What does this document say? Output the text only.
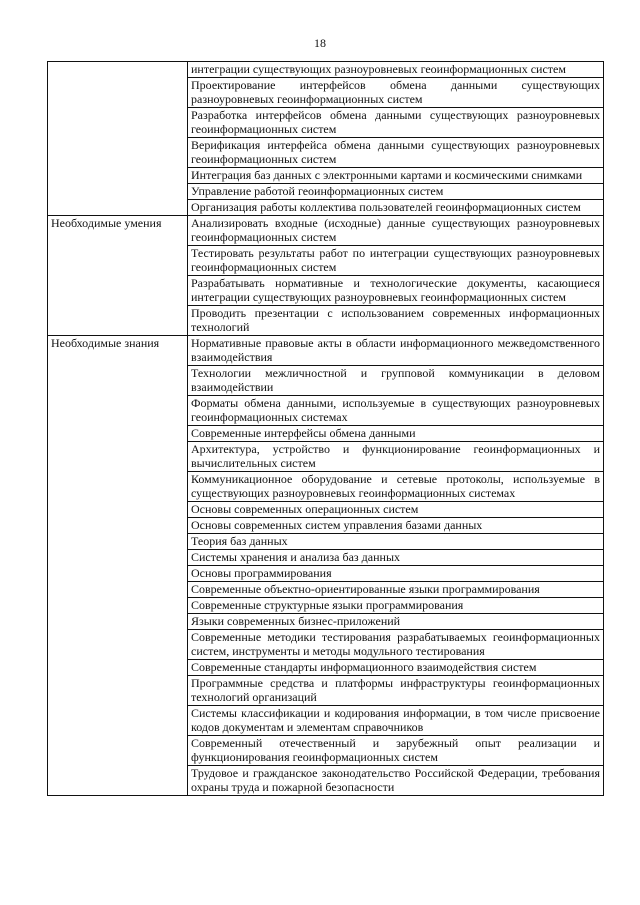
18

	интеграции существующих разноуровневых геоинформационных систем

	Проектирование интерфейсов обмена данными существующих разноуровневых геоинформационных систем

	Разработка интерфейсов обмена данными существующих разноуровневых геоинформационных систем

	Верификация интерфейса обмена данными существующих разноуровневых геоинформационных систем

	Интеграция баз данных с электронными картами и космическими снимками

	Управление работой геоинформационных систем

	Организация работы коллектива пользователей геоинформационных систем

Необходимые умения	Анализировать входные (исходные) данные существующих разноуровневых геоинформационных систем

	Тестировать результаты работ по интеграции существующих разноуровневых геоинформационных систем

	Разрабатывать нормативные и технологические документы, касающиеся интеграции существующих разноуровневых геоинформационных систем

	Проводить презентации с использованием современных информационных технологий

Необходимые знания	Нормативные правовые акты в области информационного межведомственного взаимодействия

	Технологии межличностной и групповой коммуникации в деловом взаимодействии

	Форматы обмена данными, используемые в существующих разноуровневых геоинформационных системах

	Современные интерфейсы обмена данными

	Архитектура, устройство и функционирование геоинформационных и вычислительных систем

	Коммуникационное оборудование и сетевые протоколы, используемые в существующих разноуровневых геоинформационных системах

	Основы современных операционных систем

	Основы современных систем управления базами данных

	Теория баз данных

	Системы хранения и анализа баз данных

	Основы программирования

	Современные объектно-ориентированные языки программирования

	Современные структурные языки программирования

	Языки современных бизнес-приложений

	Современные методики тестирования разрабатываемых геоинформационных систем, инструменты и методы модульного тестирования

	Современные стандарты информационного взаимодействия систем

	Программные средства и платформы инфраструктуры геоинформационных технологий организаций

	Системы классификации и кодирования информации, в том числе присвоение кодов документам и элементам справочников

	Современный отечественный и зарубежный опыт реализации и функционирования геоинформационных систем

	Трудовое и гражданское законодательство Российской Федерации, требования охраны труда и пожарной безопасности
